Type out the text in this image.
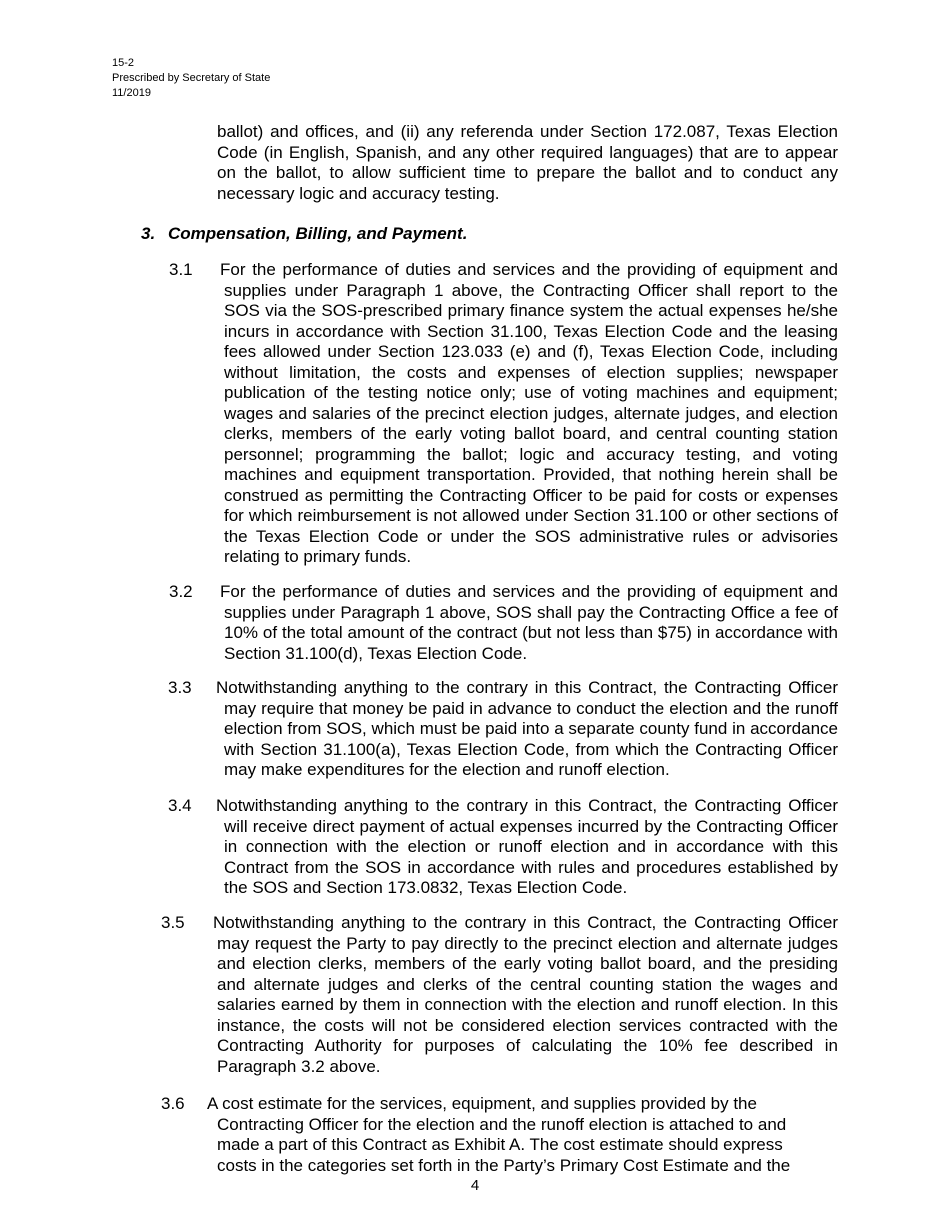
15-2
Prescribed by Secretary of State
11/2019
ballot) and offices, and (ii) any referenda under Section 172.087, Texas Election Code (in English, Spanish, and any other required languages) that are to appear on the ballot, to allow sufficient time to prepare the ballot and to conduct any necessary logic and accuracy testing.
3. Compensation, Billing, and Payment.
3.1 For the performance of duties and services and the providing of equipment and supplies under Paragraph 1 above, the Contracting Officer shall report to the SOS via the SOS-prescribed primary finance system the actual expenses he/she incurs in accordance with Section 31.100, Texas Election Code and the leasing fees allowed under Section 123.033 (e) and (f), Texas Election Code, including without limitation, the costs and expenses of election supplies; newspaper publication of the testing notice only; use of voting machines and equipment; wages and salaries of the precinct election judges, alternate judges, and election clerks, members of the early voting ballot board, and central counting station personnel; programming the ballot; logic and accuracy testing, and voting machines and equipment transportation. Provided, that nothing herein shall be construed as permitting the Contracting Officer to be paid for costs or expenses for which reimbursement is not allowed under Section 31.100 or other sections of the Texas Election Code or under the SOS administrative rules or advisories relating to primary funds.

3.2 For the performance of duties and services and the providing of equipment and supplies under Paragraph 1 above, SOS shall pay the Contracting Office a fee of 10% of the total amount of the contract (but not less than $75) in accordance with Section 31.100(d), Texas Election Code.

3.3 Notwithstanding anything to the contrary in this Contract, the Contracting Officer may require that money be paid in advance to conduct the election and the runoff election from SOS, which must be paid into a separate county fund in accordance with Section 31.100(a), Texas Election Code, from which the Contracting Officer may make expenditures for the election and runoff election.

3.4 Notwithstanding anything to the contrary in this Contract, the Contracting Officer will receive direct payment of actual expenses incurred by the Contracting Officer in connection with the election or runoff election and in accordance with this Contract from the SOS in accordance with rules and procedures established by the SOS and Section 173.0832, Texas Election Code.

3.5 Notwithstanding anything to the contrary in this Contract, the Contracting Officer may request the Party to pay directly to the precinct election and alternate judges and election clerks, members of the early voting ballot board, and the presiding and alternate judges and clerks of the central counting station the wages and salaries earned by them in connection with the election and runoff election. In this instance, the costs will not be considered election services contracted with the Contracting Authority for purposes of calculating the 10% fee described in Paragraph 3.2 above.

3.6 A cost estimate for the services, equipment, and supplies provided by the Contracting Officer for the election and the runoff election is attached to and made a part of this Contract as Exhibit A. The cost estimate should express costs in the categories set forth in the Party’s Primary Cost Estimate and the

4
